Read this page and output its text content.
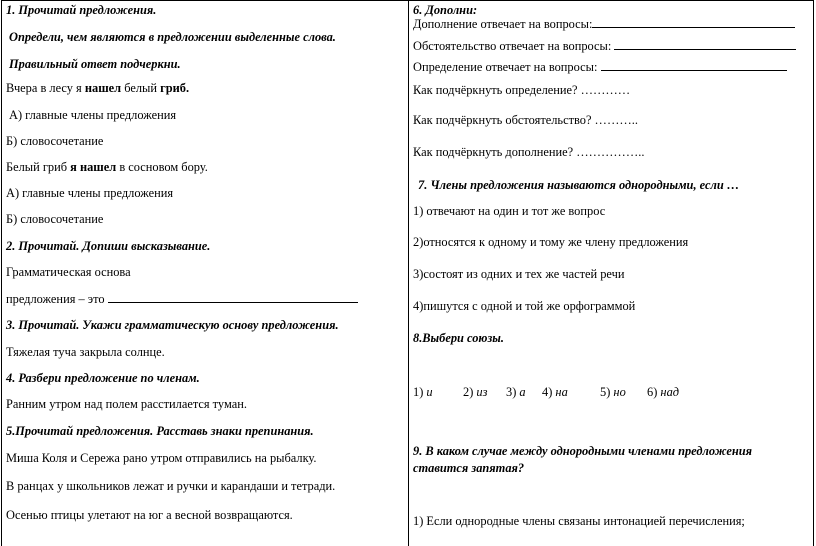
1. Прочитай предложения.
Определи, чем являются в предложении выделенные слова.
Правильный ответ подчеркни.
Вчера в лесу я нашел белый гриб.
А) главные члены предложения
Б) словосочетание
Белый гриб я нашел в сосновом бору.
А) главные члены предложения
Б) словосочетание
2. Прочитай. Допиши высказывание.
Грамматическая основа
предложения – это
3. Прочитай. Укажи грамматическую основу предложения.
Тяжелая туча закрыла солнце.
4. Разбери предложение по членам.
Ранним утром над полем расстилается туман.
5.Прочитай предложения. Расставь знаки препинания.
Миша Коля и Сережа рано утром отправились на рыбалку.
В ранцах у школьников лежат и ручки и карандаши и тетради.
Осенью птицы улетают на юг а весной возвращаются.
6. Дополни:
Дополнение отвечает на вопросы:
Обстоятельство отвечает на вопросы:
Определение отвечает на вопросы:
Как подчёркнуть определение? …………
Как подчёркнуть обстоятельство? ………..
Как подчёркнуть дополнение? ……………..
7. Члены предложения называются однородными, если …
1) отвечают на один и тот же вопрос
2)относятся к одному и тому же члену предложения
3)состоят из одних и тех же частей речи
4)пишутся с одной и той же орфограммой
8.Выбери союзы.
1) и 2) из 3) а 4) на	5) но 6) над
9. В каком случае между однородными членами предложения
ставится запятая?
1) Если однородные члены связаны интонацией перечисления;
